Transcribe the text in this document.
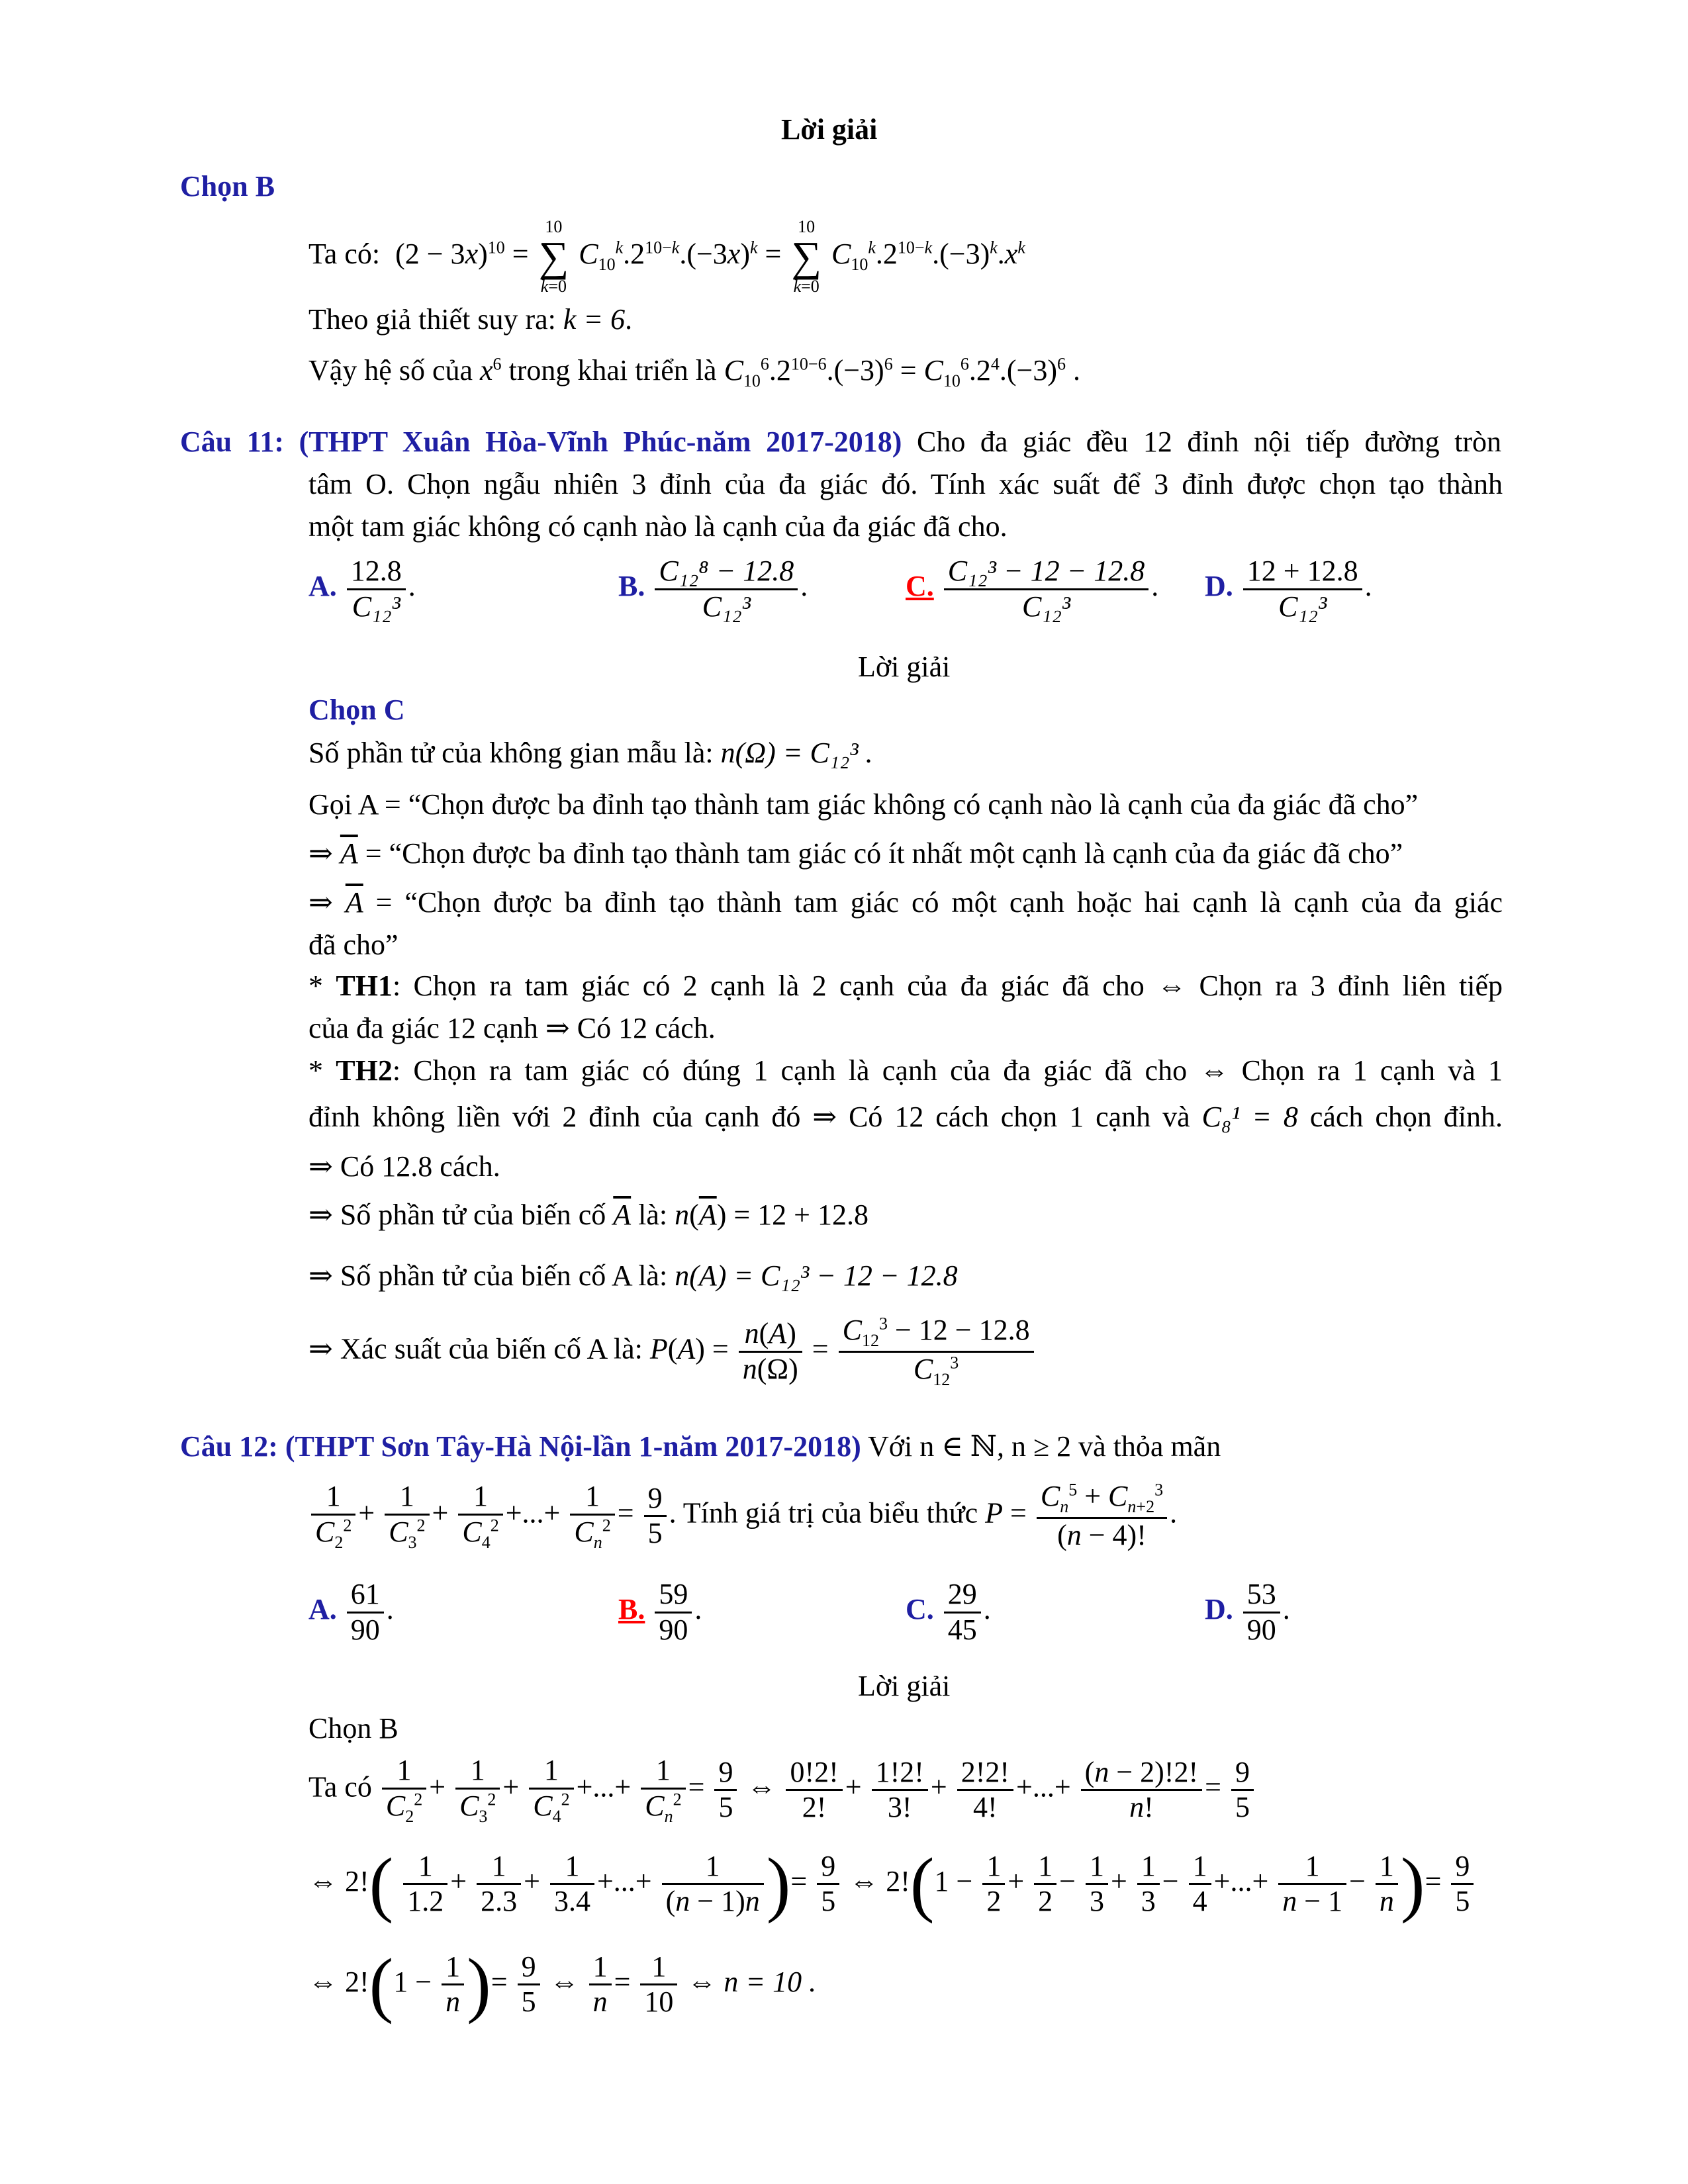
Lời giải
Chọn B
Ta có: $(2 - 3x)^{10}$ =
10
∑
k=0
$C_{10}^k.2^{10-k}.(-3x)^k$ =
10
∑
k=0
$C_{10}^k.2^{10-k}.(-3)^k.x^k$
Theo giả thiết suy ra: k = 6.
Vậy hệ số của $x^6$ trong khai triển là $C_{10}^6.2^{10-6}.(-3)^6 = C_{10}^6.2^4.(-3)^6$ .
Câu 11: (THPT Xuân Hòa-Vĩnh Phúc-năm 2017-2018) Cho đa giác đều 12 đỉnh nội tiếp đường tròn
tâm O. Chọn ngẫu nhiên 3 đỉnh của đa giác đó. Tính xác suất để 3 đỉnh được chọn tạo thành
một tam giác không có cạnh nào là cạnh của đa giác đã cho.
A. $\frac{12.8}{\text{C₁₂³}}$ .	B. $\frac{\text{C₁₂⁸ − 12.8}}{\text{C₁₂³}}$ .	C. $\frac{\text{C₁₂³ − 12 − 12.8}}{\text{C₁₂³}}$ . D. $\frac{12 + 12.8}{\text{C₁₂³}}$ .
Lời giải
Chọn C
Số phần tử của không gian mẫu là: n(Ω) = C₁₂³ .
Gọi A = “Chọn được ba đỉnh tạo thành tam giác không có cạnh nào là cạnh của đa giác đã cho”
⇒ $\overline{A}$ = “Chọn được ba đỉnh tạo thành tam giác có ít nhất một cạnh là cạnh của đa giác đã cho”
⇒ $\overline{A}$ = “Chọn được ba đỉnh tạo thành tam giác có một cạnh hoặc hai cạnh là cạnh của đa giác
đã cho”
* TH1: Chọn ra tam giác có 2 cạnh là 2 cạnh của đa giác đã cho ⇔ Chọn ra 3 đỉnh liên tiếp
của đa giác 12 cạnh ⇒ Có 12 cách.
* TH2: Chọn ra tam giác có đúng 1 cạnh là cạnh của đa giác đã cho ⇔ Chọn ra 1 cạnh và 1
đỉnh không liền với 2 đỉnh của cạnh đó ⇒ Có 12 cách chọn 1 cạnh và C₈¹ = 8 cách chọn đỉnh.
⇒ Có 12.8 cách.
⇒ Số phần tử của biến cố $\overline{A}$ là: $n(\overline{A}) = 12 + 12.8$
⇒ Số phần tử của biến cố A là: n(A) = C₁₂³ − 12 − 12.8
⇒ Xác suất của biến cố A là: $P(A) = \frac{n(A)}{n(\Omega)} = \frac{C_{12}^3 - 12 - 12.8}{C_{12}^3}$
Câu 12: (THPT Sơn Tây-Hà Nội-lần 1-năm 2017-2018) Với n ∈ ℕ, n ≥ 2 và thỏa mãn
$\frac{1}{C_2^2} + \frac{1}{C_3^2} + \frac{1}{C_4^2}$ +...+ $\frac{1}{C_n^2} = \frac{9}{5}$ . Tính giá trị của biểu thức $P = \frac{C_n^5 + C_{n+2}^3}{(n - 4)!}$ .
A. $\frac{61}{90}$ .	B. $\frac{59}{90}$ .	C. $\frac{29}{45}$ .	D. $\frac{53}{90}$ .
Lời giải
Chọn B
Ta có $\frac{1}{C_2^2} + \frac{1}{C_3^2} + \frac{1}{C_4^2}$ +...+ $\frac{1}{C_n^2} = \frac{9}{5}$ ⇔ $\frac{0!2!}{2!} + \frac{1!2!}{3!} + \frac{2!2!}{4!}$ +...+ $\frac{(n - 2)!2!}{n!} = \frac{9}{5}$
⇔ $2!( \frac{1}{1.2} + \frac{1}{2.3} + \frac{1}{3.4}$ +...+ $\frac{1}{(n - 1)n}$ )= $\frac{9}{5}$ ⇔ $2!(1 - \frac{1}{2} + \frac{1}{2} - \frac{1}{3} + \frac{1}{3} - \frac{1}{4}$ +...+ $\frac{1}{n - 1} - \frac{1}{n}$ )= $\frac{9}{5}$
⇔ $2!(1 - \frac{1}{n}$ )= $\frac{9}{5}$ ⇔ $\frac{1}{n} = \frac{1}{10}$ ⇔ n = 10 .
